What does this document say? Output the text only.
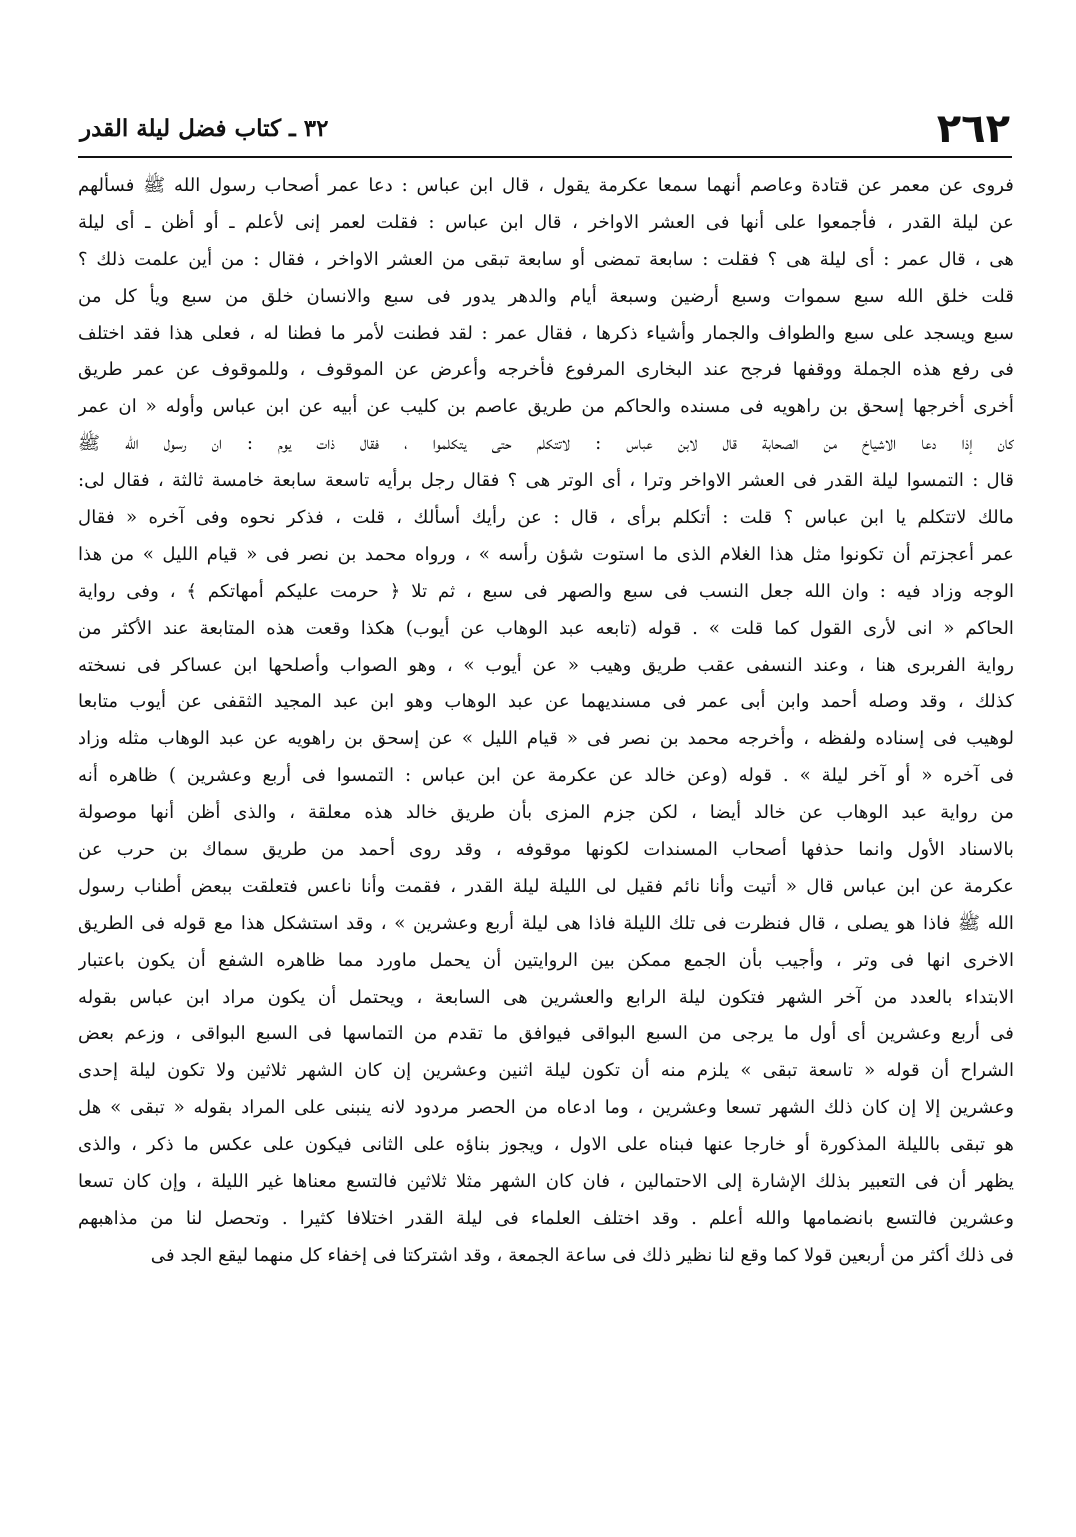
٢٦٢
٣٢ ـ كتاب فضل ليلة القدر
فروى عن معمر عن قتادة وعاصم أنهما سمعا عكرمة يقول ، قال ابن عباس : دعا عمر أصحاب رسول الله ﷺ فسألهم
عن ليلة القدر ، فأجمعوا على أنها فى العشر الاواخر ، قال ابن عباس : فقلت لعمر إنى لأعلم ـ أو أظن ـ أى ليلة
هى ، قال عمر : أى ليلة هى ؟ فقلت : سابعة تمضى أو سابعة تبقى من العشر الاواخر ، فقال : من أين علمت ذلك ؟
قلت خلق الله سبع سموات وسبع أرضين وسبعة أيام والدهر يدور فى سبع والانسان خلق من سبع ويأ كل من
سبع ويسجد على سبع والطواف والجمار وأشياء ذكرها ، فقال عمر : لقد فطنت لأمر ما فطنا له ، فعلى هذا فقد اختلف
فى رفع هذه الجملة ووقفها فرجح عند البخارى المرفوع فأخرجه وأعرض عن الموقوف ، وللموقوف عن عمر طريق
أخرى أخرجها إسحق بن راهويه فى مسنده والحاكم من طريق عاصم بن كليب عن أبيه عن ابن عباس وأوله « ان عمر
كان إذا دعا الاشياخ من الصحابة قال لابن عباس : لاتتكلم حتى يتكلموا ، فقال ذات يوم : ان رسول الله ﷺ
قال : التمسوا ليلة القدر فى العشر الاواخر وترا ، أى الوتر هى ؟ فقال رجل برأيه تاسعة سابعة خامسة ثالثة ، فقال لى:
مالك لاتتكلم يا ابن عباس ؟ قلت : أتكلم برأى ، قال : عن رأيك أسألك ، قلت ، فذكر نحوه وفى آخره « فقال
عمر أعجزتم أن تكونوا مثل هذا الغلام الذى ما استوت شؤن رأسه » ، ورواه محمد بن نصر فى « قيام الليل » من هذا
الوجه وزاد فيه : وان الله جعل النسب فى سبع والصهر فى سبع ، ثم تلا ﴿ حرمت عليكم أمهاتكم ﴾ ، وفى رواية
الحاكم « انى لأرى القول كما قلت » . قوله (تابعه عبد الوهاب عن أيوب) هكذا وقعت هذه المتابعة عند الأكثر من
رواية الفربرى هنا ، وعند النسفى عقب طريق وهيب « عن أيوب » ، وهو الصواب وأصلحها ابن عساكر فى نسخته
كذلك ، وقد وصله أحمد وابن أبى عمر فى مسنديهما عن عبد الوهاب وهو ابن عبد المجيد الثقفى عن أيوب متابعا
لوهيب فى إسناده ولفظه ، وأخرجه محمد بن نصر فى « قيام الليل » عن إسحق بن راهويه عن عبد الوهاب مثله وزاد
فى آخره « أو آخر ليلة » . قوله (وعن خالد عن عكرمة عن ابن عباس : التمسوا فى أربع وعشرين ) ظاهره أنه
من رواية عبد الوهاب عن خالد أيضا ، لكن جزم المزى بأن طريق خالد هذه معلقة ، والذى أظن أنها موصولة
بالاسناد الأول وانما حذفها أصحاب المسندات لكونها موقوفه ، وقد روى أحمد من طريق سماك بن حرب عن
عكرمة عن ابن عباس قال « أتيت وأنا نائم فقيل لى الليلة ليلة القدر ، فقمت وأنا ناعس فتعلقت ببعض أطناب رسول
الله ﷺ فاذا هو يصلى ، قال فنظرت فى تلك الليلة فاذا هى ليلة أربع وعشرين » ، وقد استشكل هذا مع قوله فى الطريق
الاخرى انها فى وتر ، وأجيب بأن الجمع ممكن بين الروايتين أن يحمل ماورد مما ظاهره الشفع أن يكون باعتبار
الابتداء بالعدد من آخر الشهر فتكون ليلة الرابع والعشرين هى السابعة ، ويحتمل أن يكون مراد ابن عباس بقوله
فى أربع وعشرين أى أول ما يرجى من السبع البواقى فيوافق ما تقدم من التماسها فى السبع البواقى ، وزعم بعض
الشراح أن قوله « تاسعة تبقى » يلزم منه أن تكون ليلة اثنين وعشرين إن كان الشهر ثلاثين ولا تكون ليلة إحدى
وعشرين إلا إن كان ذلك الشهر تسعا وعشرين ، وما ادعاه من الحصر مردود لانه ينبنى على المراد بقوله « تبقى » هل
هو تبقى بالليلة المذكورة أو خارجا عنها فبناه على الاول ، ويجوز بناؤه على الثانى فيكون على عكس ما ذكر ، والذى
يظهر أن فى التعبير بذلك الإشارة إلى الاحتمالين ، فان كان الشهر مثلا ثلاثين فالتسع معناها غير الليلة ، وإن كان تسعا
وعشرين فالتسع بانضمامها والله أعلم . وقد اختلف العلماء فى ليلة القدر اختلافا كثيرا . وتحصل لنا من مذاهبهم
فى ذلك أكثر من أربعين قولا كما وقع لنا نظير ذلك فى ساعة الجمعة ، وقد اشتركتا فى إخفاء كل منهما ليقع الجد فى
